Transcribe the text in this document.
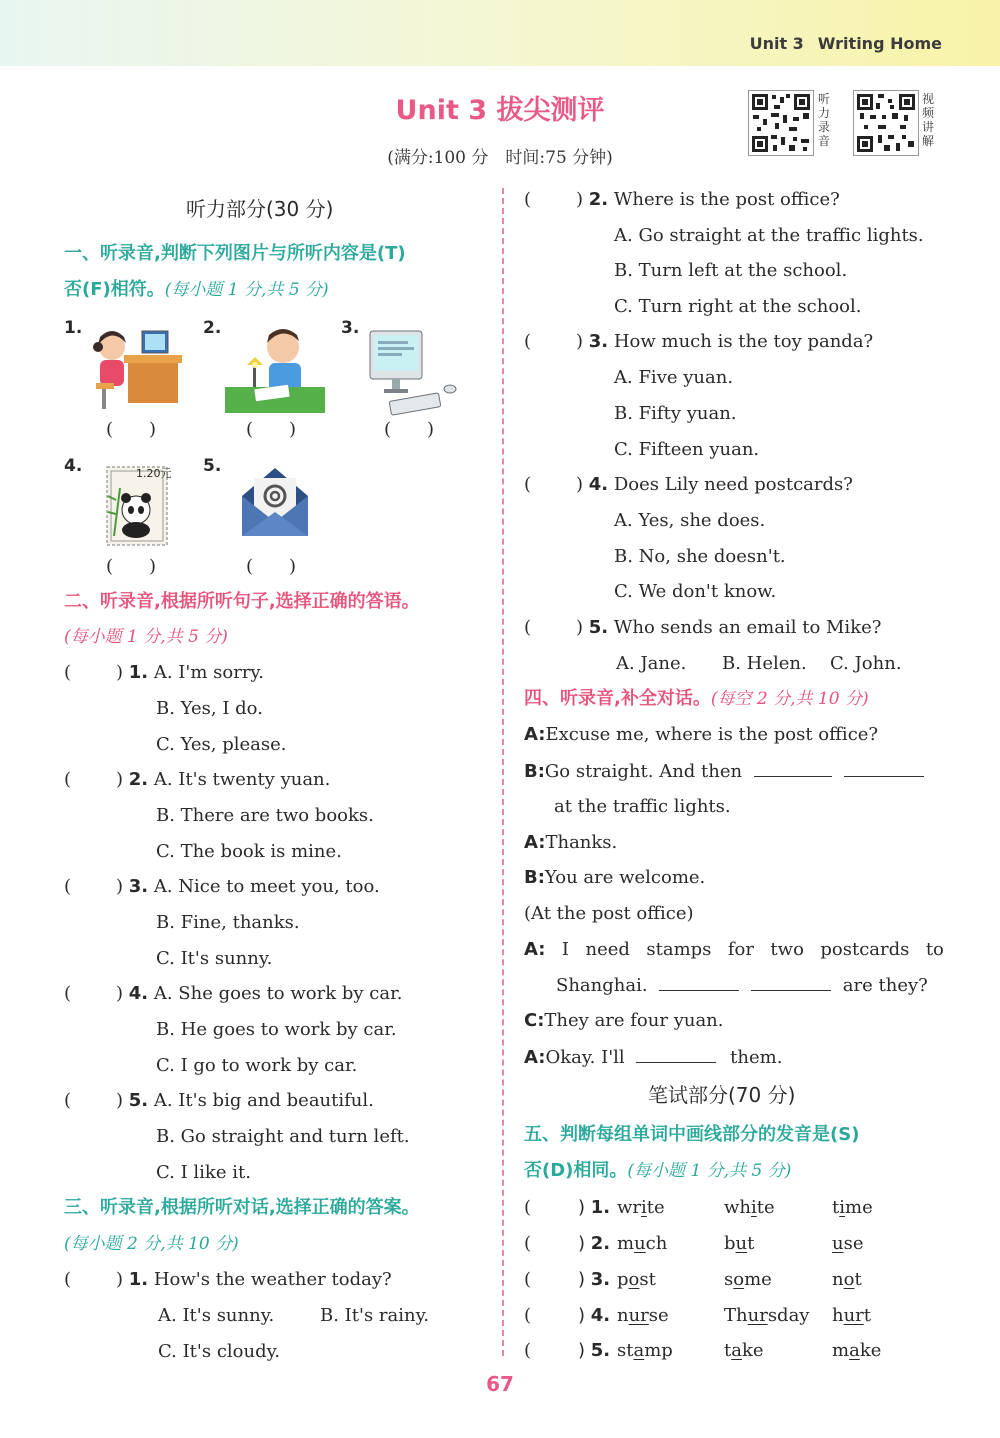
Unit 3 Writing Home
Unit 3 拔尖测评
(满分:100 分　时间:75 分钟)
听力录音
视频讲解
听力部分(30 分)
一、听录音,判断下列图片与所听内容是(T)
否(F)相符。(每小题 1 分,共 5 分)
1.	2.	3.
(　　)	(　　)	(　　)
4.	1.20元 5.
(　　)	(　　)
二、听录音,根据所听句子,选择正确的答语。
(每小题 1 分,共 5 分)
( ) 1. A. I'm sorry.
B. Yes, I do.
C. Yes, please.
( ) 2. A. It's twenty yuan.
B. There are two books.
C. The book is mine.
( ) 3. A. Nice to meet you, too.
B. Fine, thanks.
C. It's sunny.
( ) 4. A. She goes to work by car.
B. He goes to work by car.
C. I go to work by car.
( ) 5. A. It's big and beautiful.
B. Go straight and turn left.
C. I like it.
三、听录音,根据所听对话,选择正确的答案。
(每小题 2 分,共 10 分)
( ) 1. How's the weather today?
A. It's sunny.	B. It's rainy.
C. It's cloudy.
( ) 2. Where is the post office?
A. Go straight at the traffic lights.
B. Turn left at the school.
C. Turn right at the school.
( ) 3. How much is the toy panda?
A. Five yuan.
B. Fifty yuan.
C. Fifteen yuan.
( ) 4. Does Lily need postcards?
A. Yes, she does.
B. No, she doesn't.
C. We don't know.
( ) 5. Who sends an email to Mike?
A. Jane. B. Helen. C. John.
四、听录音,补全对话。(每空 2 分,共 10 分)
A:Excuse me, where is the post office?
B:Go straight. And then
at the traffic lights.
A:Thanks.
B:You are welcome.
(At the post office)
A: I need stamps for two postcards to
Shanghai.	are they?
C:They are four yuan.
A:Okay. I'll	them.
笔试部分(70 分)
五、判断每组单词中画线部分的发音是(S)
否(D)相同。(每小题 1 分,共 5 分)
(	) 1. write	white	time
(	) 2. much	but	use
(	) 3. post	some	not
(	) 4. nurse	Thursday hurt
(	) 5. stamp	take	make
67
